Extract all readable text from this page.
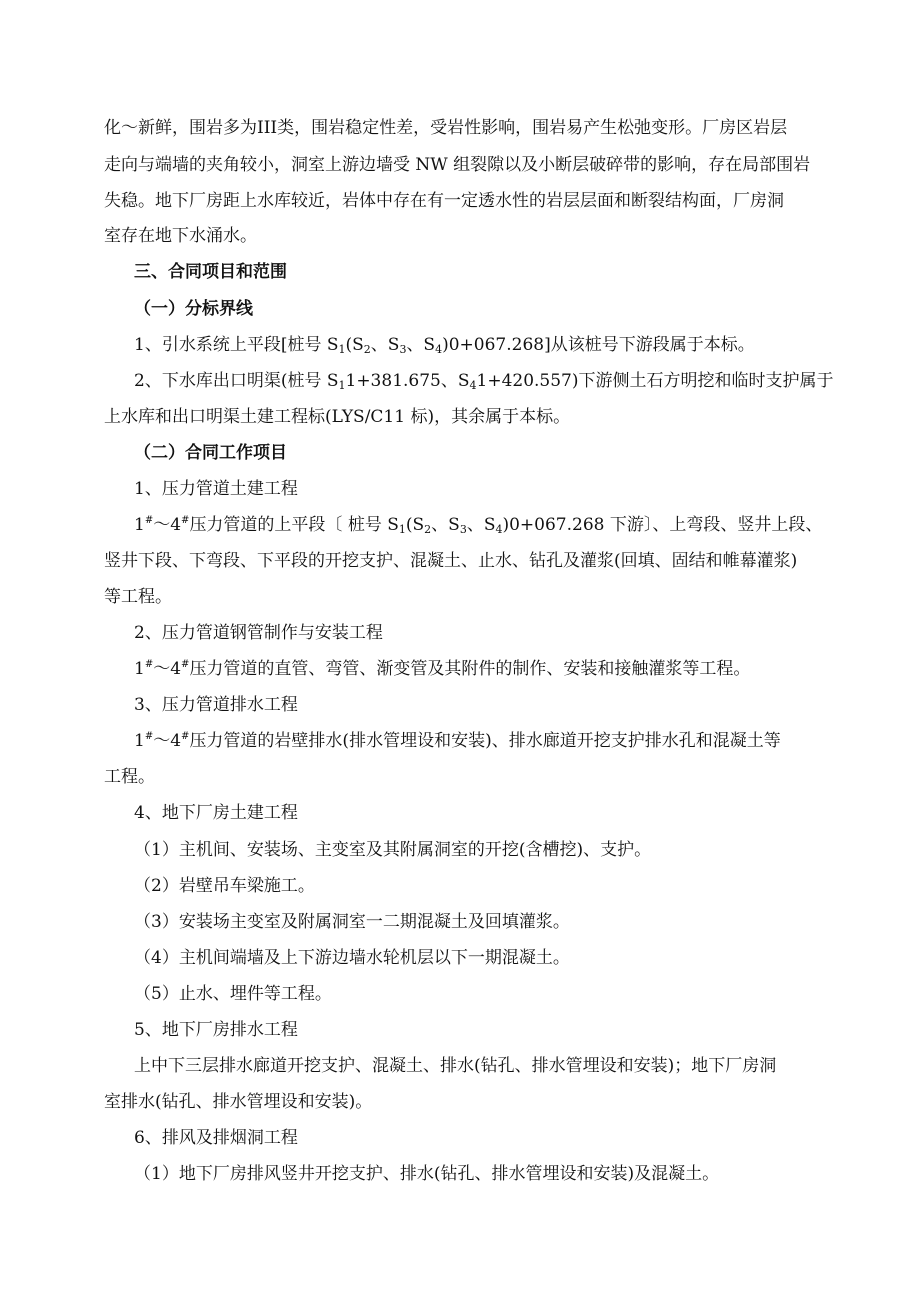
化～新鲜，围岩多为III类，围岩稳定性差，受岩性影响，围岩易产生松弛变形。厂房区岩层
走向与端墙的夹角较小，洞室上游边墙受 NW 组裂隙以及小断层破碎带的影响，存在局部围岩
失稳。地下厂房距上水库较近，岩体中存在有一定透水性的岩层层面和断裂结构面，厂房洞
室存在地下水涌水。
三、合同项目和范围
（一）分标界线
1、引水系统上平段[桩号 $S_1(S_2$、$S_3$、$S_4)0+067.268$]从该桩号下游段属于本标。
2、下水库出口明渠(桩号 $S_11+381.675$、$S_41+420.557$)下游侧土石方明挖和临时支护属于
上水库和出口明渠土建工程标(LYS/C11 标)，其余属于本标。
（二）合同工作项目
1、压力管道土建工程
1#～4#压力管道的上平段〔 桩号 $S_1(S_2$、$S_3$、$S_4)0+067.268$ 下游〕、上弯段、竖井上段、
竖井下段、下弯段、下平段的开挖支护、混凝土、止水、钻孔及灌浆(回填、固结和帷幕灌浆)
等工程。
2、压力管道钢管制作与安装工程
1#～4#压力管道的直管、弯管、渐变管及其附件的制作、安装和接触灌浆等工程。
3、压力管道排水工程
1#～4#压力管道的岩壁排水(排水管埋设和安装)、排水廊道开挖支护排水孔和混凝土等
工程。
4、地下厂房土建工程
（1）主机间、安装场、主变室及其附属洞室的开挖(含槽挖)、支护。
（2）岩壁吊车梁施工。
（3）安装场主变室及附属洞室一二期混凝土及回填灌浆。
（4）主机间端墙及上下游边墙水轮机层以下一期混凝土。
（5）止水、埋件等工程。
5、地下厂房排水工程
上中下三层排水廊道开挖支护、混凝土、排水(钻孔、排水管埋设和安装)；地下厂房洞
室排水(钻孔、排水管埋设和安装)。
6、排风及排烟洞工程
（1）地下厂房排风竖井开挖支护、排水(钻孔、排水管埋设和安装)及混凝土。
